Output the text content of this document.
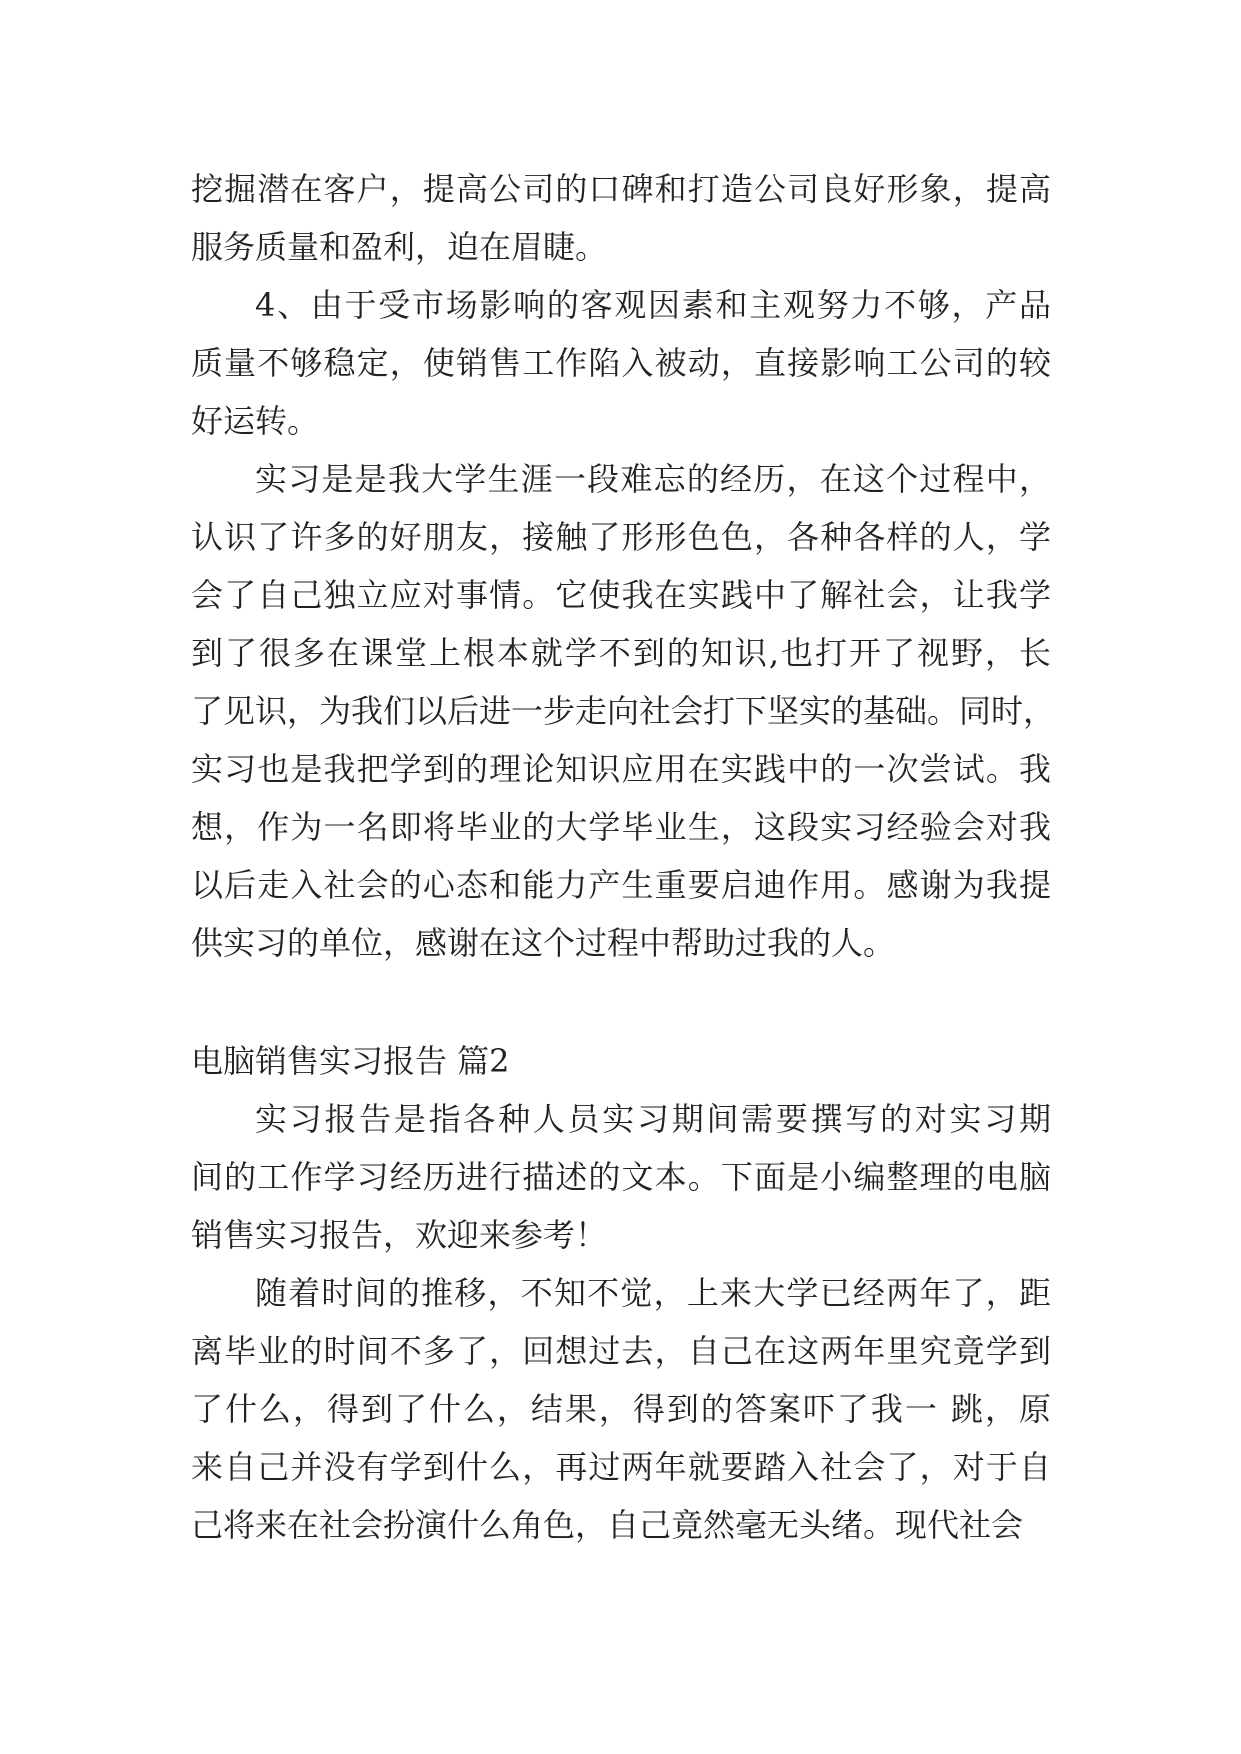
挖掘潜在客户，提高公司的口碑和打造公司良好形象，提高
服务质量和盈利，迫在眉睫。
4、由于受市场影响的客观因素和主观努力不够，产品
质量不够稳定，使销售工作陷入被动，直接影响工公司的较
好运转。
实习是是我大学生涯一段难忘的经历，在这个过程中，
认识了许多的好朋友，接触了形形色色，各种各样的人，学
会了自己独立应对事情。它使我在实践中了解社会，让我学
到了很多在课堂上根本就学不到的知识,也打开了视野，长
了见识，为我们以后进一步走向社会打下坚实的基础。同时，
实习也是我把学到的理论知识应用在实践中的一次尝试。我
想，作为一名即将毕业的大学毕业生，这段实习经验会对我
以后走入社会的心态和能力产生重要启迪作用。感谢为我提
供实习的单位，感谢在这个过程中帮助过我的人。
电脑销售实习报告 篇2
实习报告是指各种人员实习期间需要撰写的对实习期
间的工作学习经历进行描述的文本。下面是小编整理的电脑
销售实习报告，欢迎来参考！
随着时间的推移，不知不觉，上来大学已经两年了，距
离毕业的时间不多了，回想过去，自己在这两年里究竟学到
了什么，得到了什么，结果，得到的答案吓了我一 跳，原
来自己并没有学到什么，再过两年就要踏入社会了，对于自
己将来在社会扮演什么角色，自己竟然毫无头绪。现代社会
